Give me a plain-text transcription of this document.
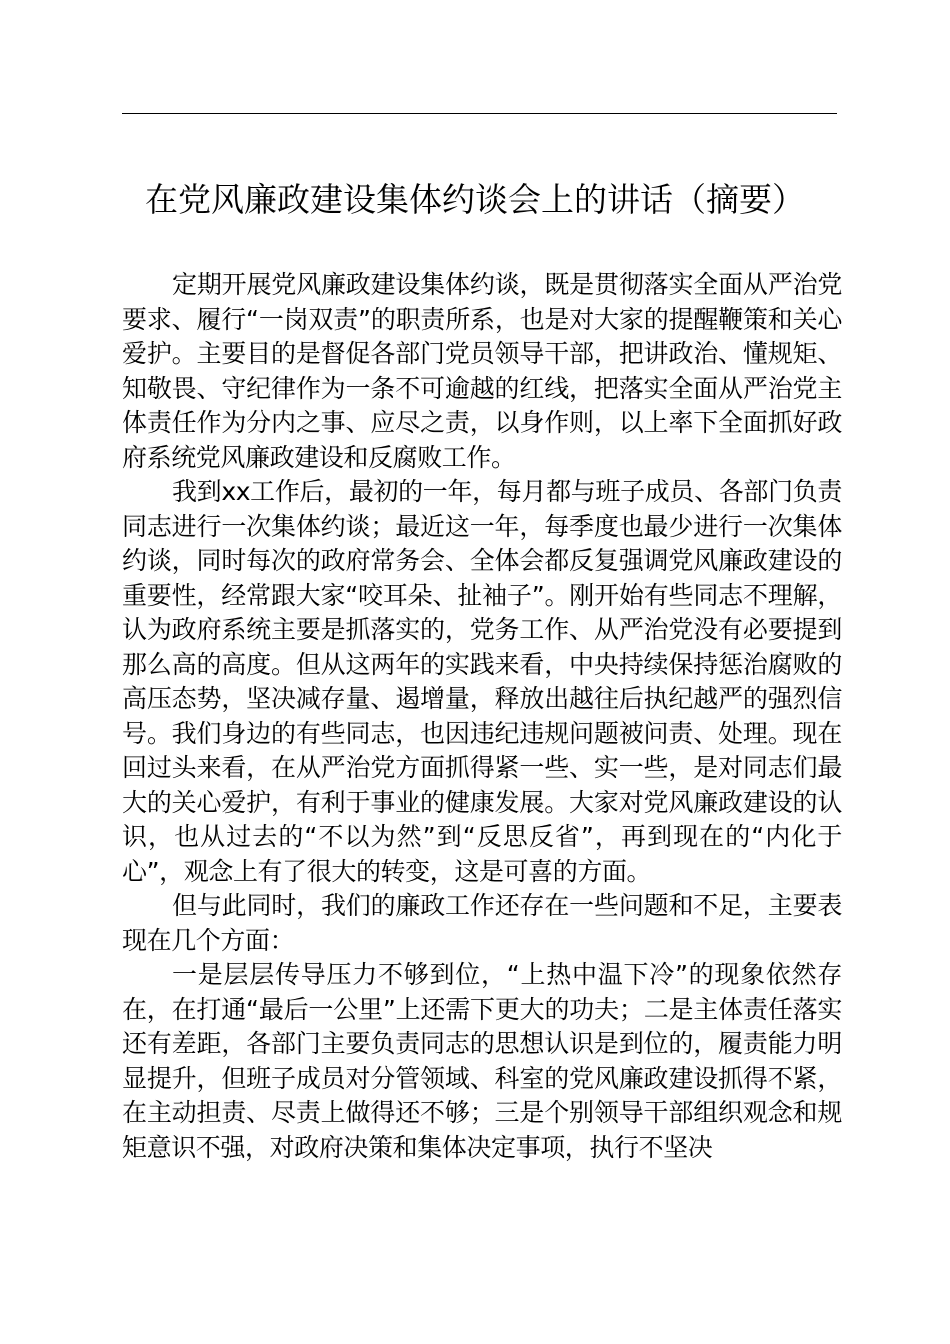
在党风廉政建设集体约谈会上的讲话（摘要）

定期开展党风廉政建设集体约谈，既是贯彻落实全面从严治党要求、履行“一岗双责”的职责所系，也是对大家的提醒鞭策和关心爱护。主要目的是督促各部门党员领导干部，把讲政治、懂规矩、知敬畏、守纪律作为一条不可逾越的红线，把落实全面从严治党主体责任作为分内之事、应尽之责，以身作则，以上率下全面抓好政府系统党风廉政建设和反腐败工作。

我到xx工作后，最初的一年，每月都与班子成员、各部门负责同志进行一次集体约谈；最近这一年，每季度也最少进行一次集体约谈，同时每次的政府常务会、全体会都反复强调党风廉政建设的重要性，经常跟大家“咬耳朵、扯袖子”。刚开始有些同志不理解，认为政府系统主要是抓落实的，党务工作、从严治党没有必要提到那么高的高度。但从这两年的实践来看，中央持续保持惩治腐败的高压态势，坚决减存量、遏增量，释放出越往后执纪越严的强烈信号。我们身边的有些同志，也因违纪违规问题被问责、处理。现在回过头来看，在从严治党方面抓得紧一些、实一些，是对同志们最大的关心爱护，有利于事业的健康发展。大家对党风廉政建设的认识，也从过去的“不以为然”到“反思反省”，再到现在的“内化于心”，观念上有了很大的转变，这是可喜的方面。

但与此同时，我们的廉政工作还存在一些问题和不足，主要表现在几个方面：

一是层层传导压力不够到位，“上热中温下冷”的现象依然存在，在打通“最后一公里”上还需下更大的功夫；二是主体责任落实还有差距，各部门主要负责同志的思想认识是到位的，履责能力明显提升，但班子成员对分管领域、科室的党风廉政建设抓得不紧，在主动担责、尽责上做得还不够；三是个别领导干部组织观念和规矩意识不强，对政府决策和集体决定事项，执行不坚决
